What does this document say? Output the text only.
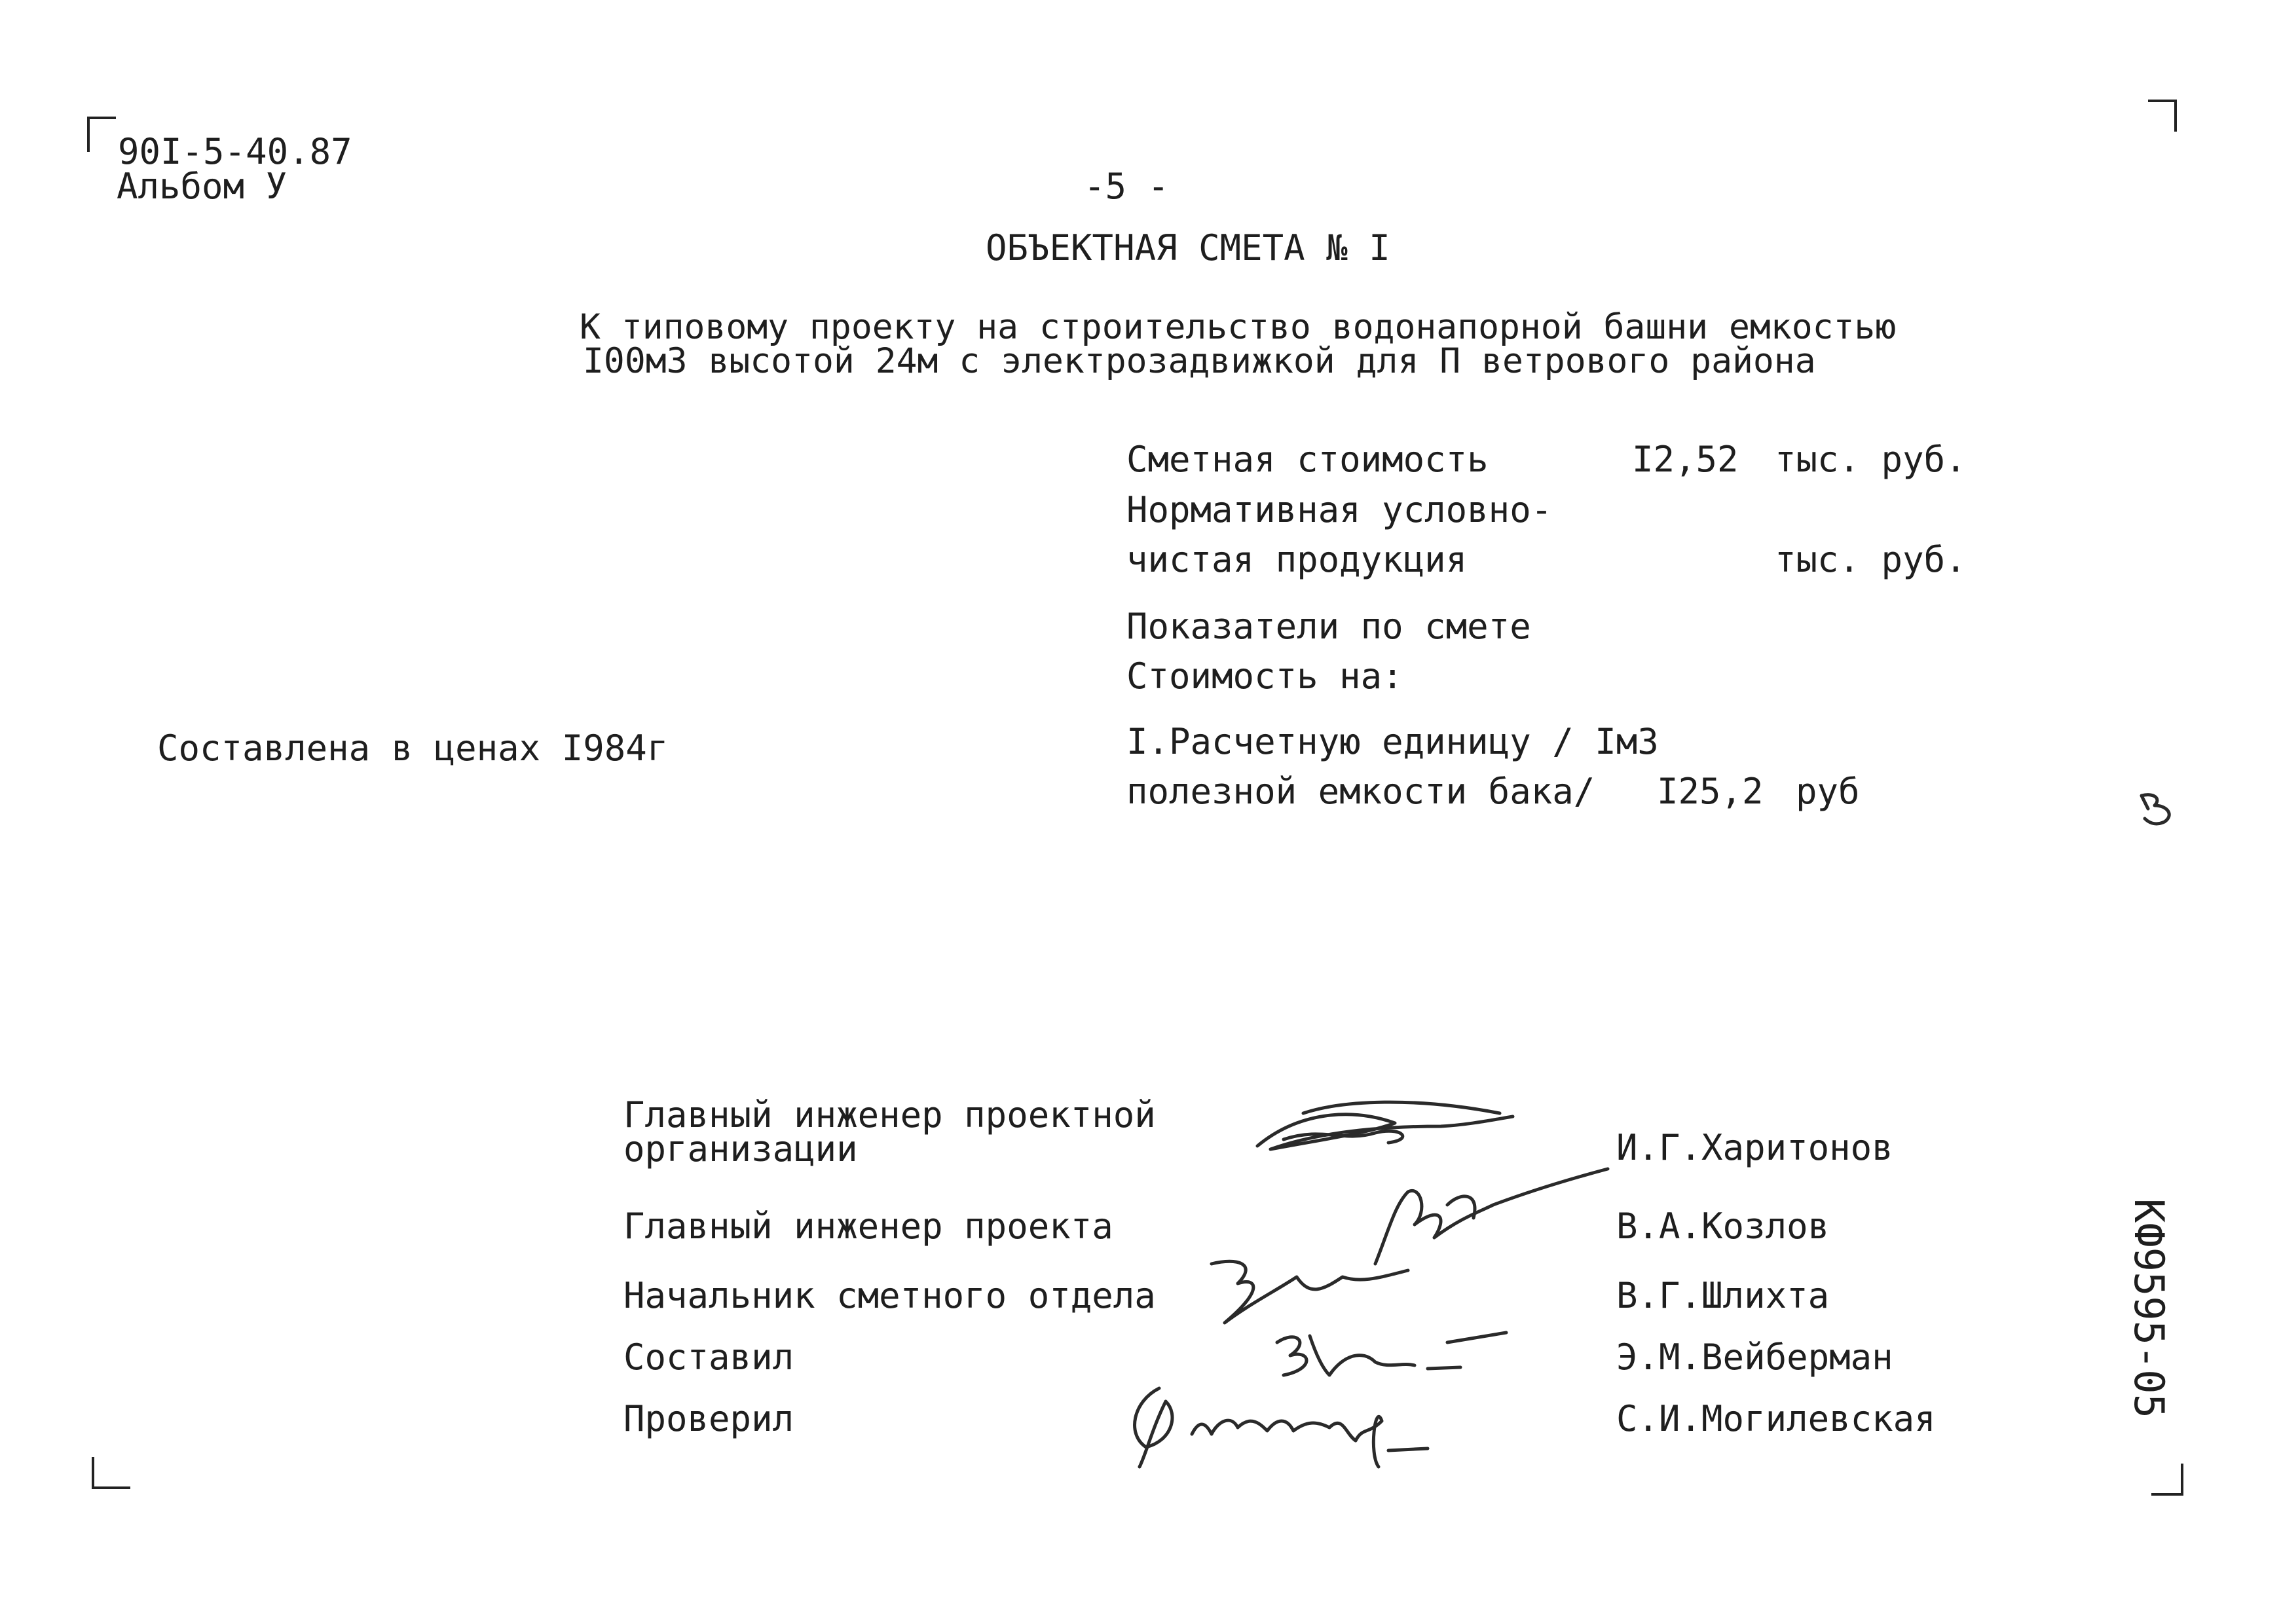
90I-5-40.87
Альбом У	-5 -
ОБЪЕКТНАЯ СМЕТА № I
К типовому проекту на строительство водонапорной башни емкостью
I00м3 высотой 24м с электрозадвижкой для П ветрового района
Сметная стоимость	I2,52 тыс. руб.
Нормативная условно-
чистая продукция	тыс. руб.
Показатели по смете
Стоимость на:
Составлена в ценах I984г	I.Расчетную единицу / Iм3
полезной емкости бака/ I25,2 руб
Главный инженер проектной
организации	И.Г.Харитонов
Главный инженер проекта	В.А.Козлов
Начальник сметного отдела	В.Г.Шлихта
Составил	Э.М.Вейберман
Проверил	С.И.Могилевская
КФ9595-05
